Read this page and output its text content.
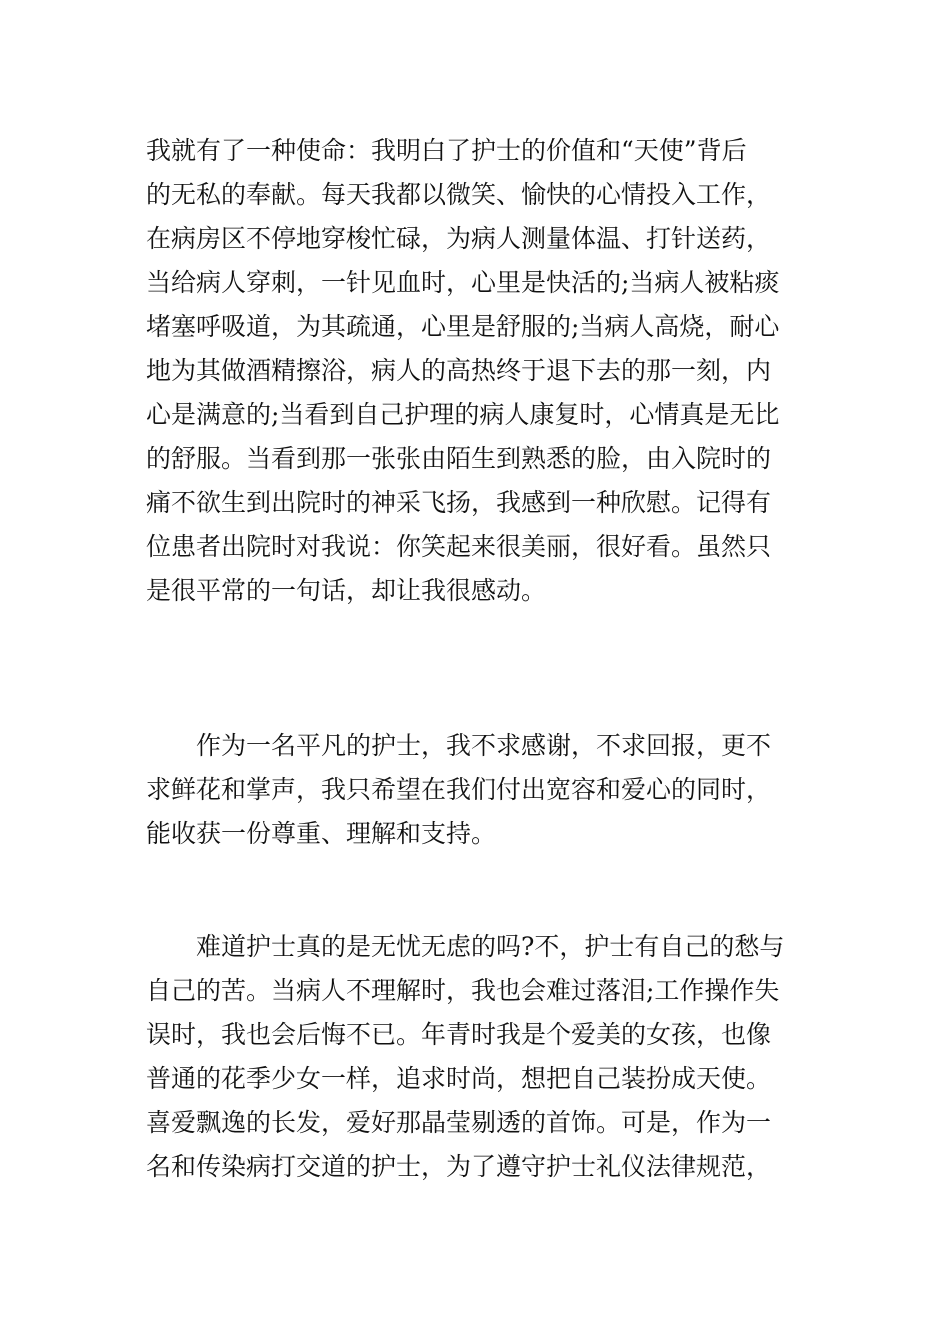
我就有了一种使命：我明白了护士的价值和“天使”背后
的无私的奉献。每天我都以微笑、愉快的心情投入工作，
在病房区不停地穿梭忙碌，为病人测量体温、打针送药，
当给病人穿刺，一针见血时，心里是快活的;当病人被粘痰
堵塞呼吸道，为其疏通，心里是舒服的;当病人高烧，耐心
地为其做酒精擦浴，病人的高热终于退下去的那一刻，内
心是满意的;当看到自己护理的病人康复时，心情真是无比
的舒服。当看到那一张张由陌生到熟悉的脸，由入院时的
痛不欲生到出院时的神采飞扬，我感到一种欣慰。记得有
位患者出院时对我说：你笑起来很美丽，很好看。虽然只
是很平常的一句话，却让我很感动。
　　作为一名平凡的护士，我不求感谢，不求回报，更不
求鲜花和掌声，我只希望在我们付出宽容和爱心的同时，
能收获一份尊重、理解和支持。
　　难道护士真的是无忧无虑的吗?不，护士有自己的愁与
自己的苦。当病人不理解时，我也会难过落泪;工作操作失
误时，我也会后悔不已。年青时我是个爱美的女孩，也像
普通的花季少女一样，追求时尚，想把自己装扮成天使。
喜爱飘逸的长发，爱好那晶莹剔透的首饰。可是，作为一
名和传染病打交道的护士，为了遵守护士礼仪法律规范，
